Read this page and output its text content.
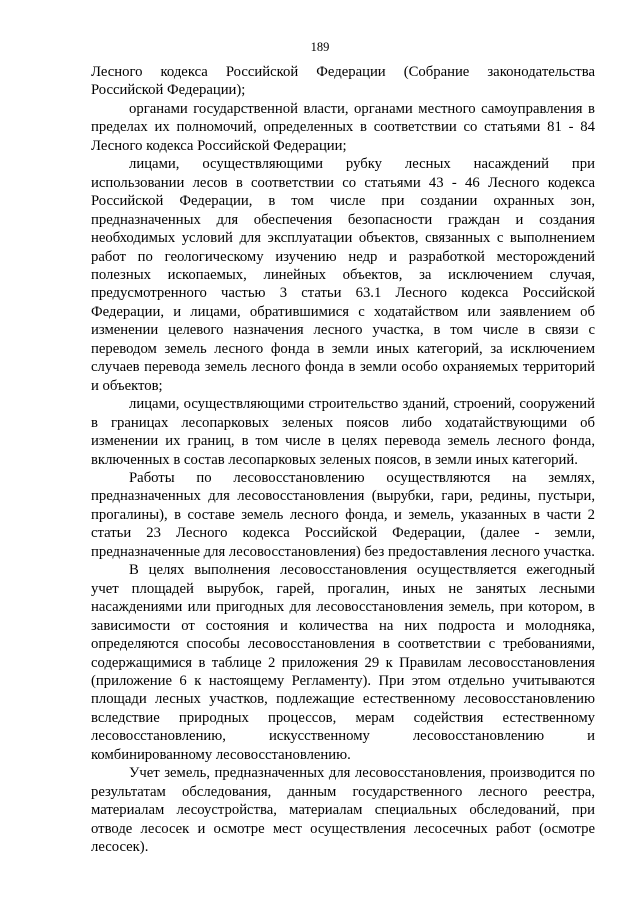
189

Лесного кодекса Российской Федерации (Собрание законодательства Российской Федерации);

органами государственной власти, органами местного самоуправления в пределах их полномочий, определенных в соответствии со статьями 81 - 84 Лесного кодекса Российской Федерации;

лицами, осуществляющими рубку лесных насаждений при использовании лесов в соответствии со статьями 43 - 46 Лесного кодекса Российской Федерации, в том числе при создании охранных зон, предназначенных для обеспечения безопасности граждан и создания необходимых условий для эксплуатации объектов, связанных с выполнением работ по геологическому изучению недр и разработкой месторождений полезных ископаемых, линейных объектов, за исключением случая, предусмотренного частью 3 статьи 63.1 Лесного кодекса Российской Федерации, и лицами, обратившимися с ходатайством или заявлением об изменении целевого назначения лесного участка, в том числе в связи с переводом земель лесного фонда в земли иных категорий, за исключением случаев перевода земель лесного фонда в земли особо охраняемых территорий и объектов;

лицами, осуществляющими строительство зданий, строений, сооружений в границах лесопарковых зеленых поясов либо ходатайствующими об изменении их границ, в том числе в целях перевода земель лесного фонда, включенных в состав лесопарковых зеленых поясов, в земли иных категорий.

Работы по лесовосстановлению осуществляются на землях, предназначенных для лесовосстановления (вырубки, гари, редины, пустыри, прогалины), в составе земель лесного фонда, и земель, указанных в части 2 статьи 23 Лесного кодекса Российской Федерации, (далее - земли, предназначенные для лесовосстановления) без предоставления лесного участка.

В целях выполнения лесовосстановления осуществляется ежегодный учет площадей вырубок, гарей, прогалин, иных не занятых лесными насаждениями или пригодных для лесовосстановления земель, при котором, в зависимости от состояния и количества на них подроста и молодняка, определяются способы лесовосстановления в соответствии с требованиями, содержащимися в таблице 2 приложения 29 к Правилам лесовосстановления (приложение 6 к настоящему Регламенту). При этом отдельно учитываются площади лесных участков, подлежащие естественному лесовосстановлению вследствие природных процессов, мерам содействия естественному лесовосстановлению, искусственному лесовосстановлению и комбинированному лесовосстановлению.

Учет земель, предназначенных для лесовосстановления, производится по результатам обследования, данным государственного лесного реестра, материалам лесоустройства, материалам специальных обследований, при отводе лесосек и осмотре мест осуществления лесосечных работ (осмотре лесосек).
